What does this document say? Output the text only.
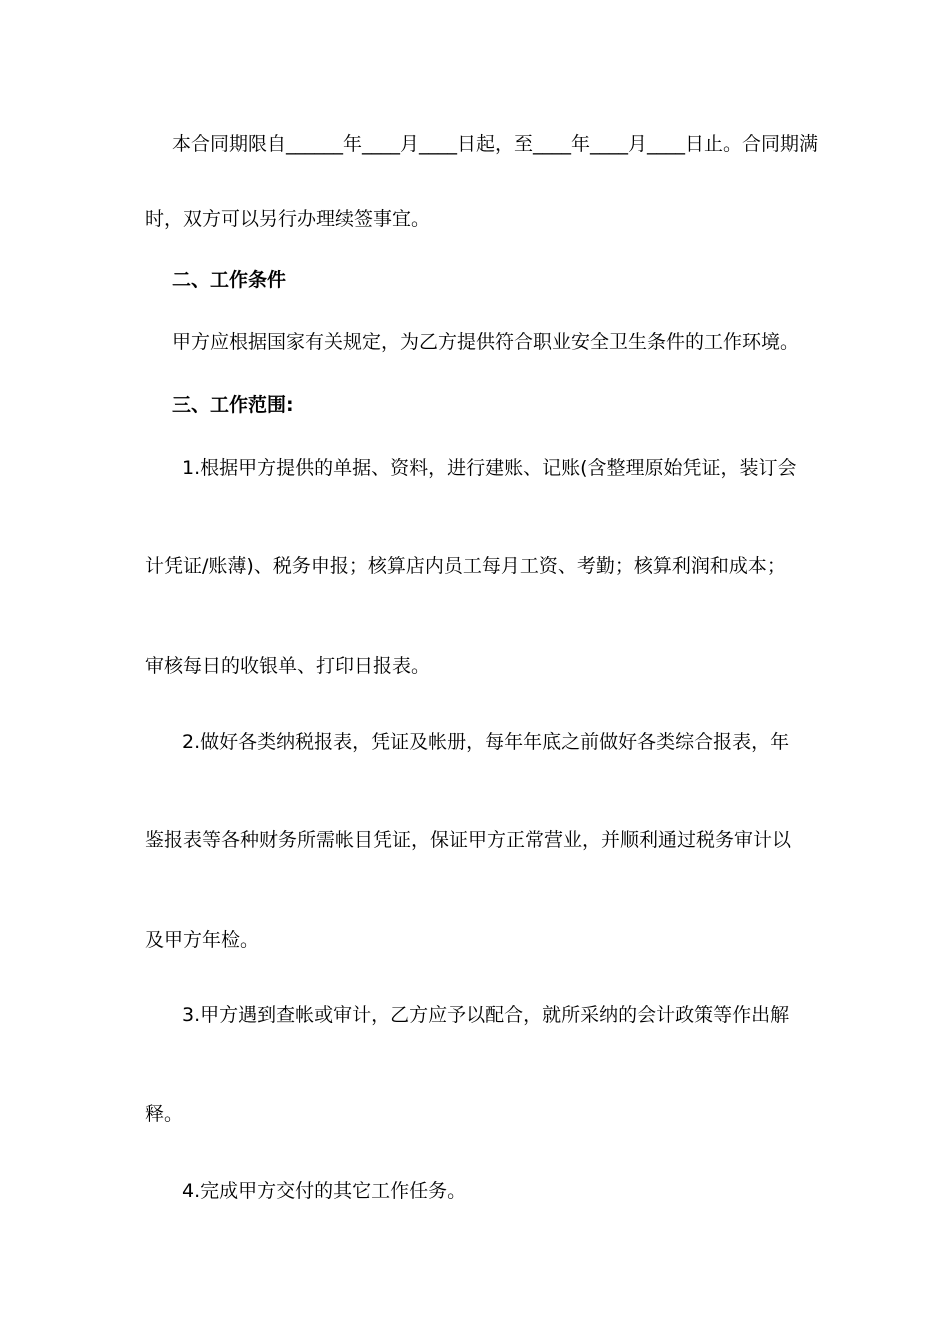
本合同期限自______年____月____日起，至____年____月____日止。合同期满
时，双方可以另行办理续签事宜。
二、工作条件
甲方应根据国家有关规定，为乙方提供符合职业安全卫生条件的工作环境。
三、工作范围:
1.根据甲方提供的单据、资料，进行建账、记账(含整理原始凭证，装订会
计凭证/账薄)、税务申报；核算店内员工每月工资、考勤；核算利润和成本；
审核每日的收银单、打印日报表。
2.做好各类纳税报表，凭证及帐册，每年年底之前做好各类综合报表，年
鉴报表等各种财务所需帐目凭证，保证甲方正常营业，并顺利通过税务审计以
及甲方年检。
3.甲方遇到查帐或审计，乙方应予以配合，就所采纳的会计政策等作出解
释。
4.完成甲方交付的其它工作任务。
